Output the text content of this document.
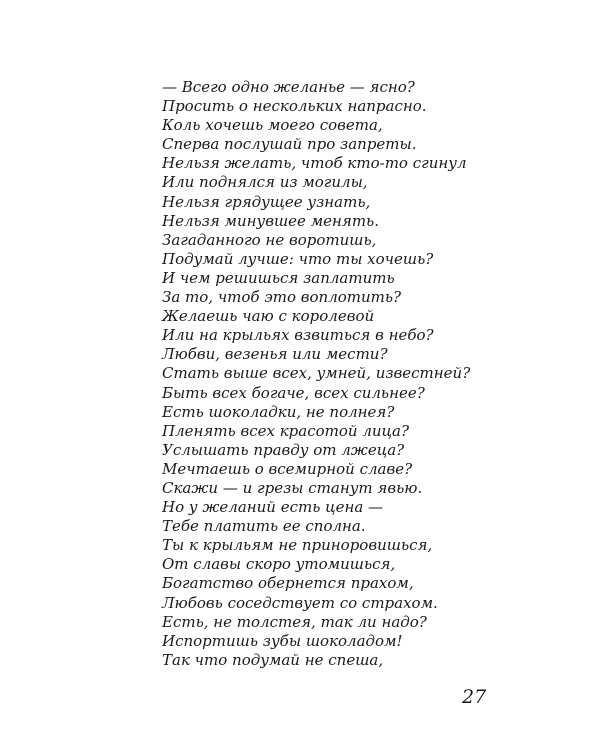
— Всего одно желанье — ясно?
Просить о нескольких напрасно.
Коль хочешь моего совета,
Сперва послушай про запреты.
Нельзя желать, чтоб кто-то сгинул
Или поднялся из могилы,
Нельзя грядущее узнать,
Нельзя минувшее менять.
Загаданного не воротишь,
Подумай лучше: что ты хочешь?
И чем решишься заплатить
За то, чтоб это воплотить?
Желаешь чаю с королевой
Или на крыльях взвиться в небо?
Любви, везенья или мести?
Стать выше всех, умней, известней?
Быть всех богаче, всех сильнее?
Есть шоколадки, не полнея?
Пленять всех красотой лица?
Услышать правду от лжеца?
Мечтаешь о всемирной славе?
Скажи — и грезы станут явью.
Но у желаний есть цена —
Тебе платить ее сполна.
Ты к крыльям не приноровишься,
От славы скоро утомишься,
Богатство обернется прахом,
Любовь соседствует со страхом.
Есть, не толстея, так ли надо?
Испортишь зубы шоколадом!
Так что подумай не спеша,
27
